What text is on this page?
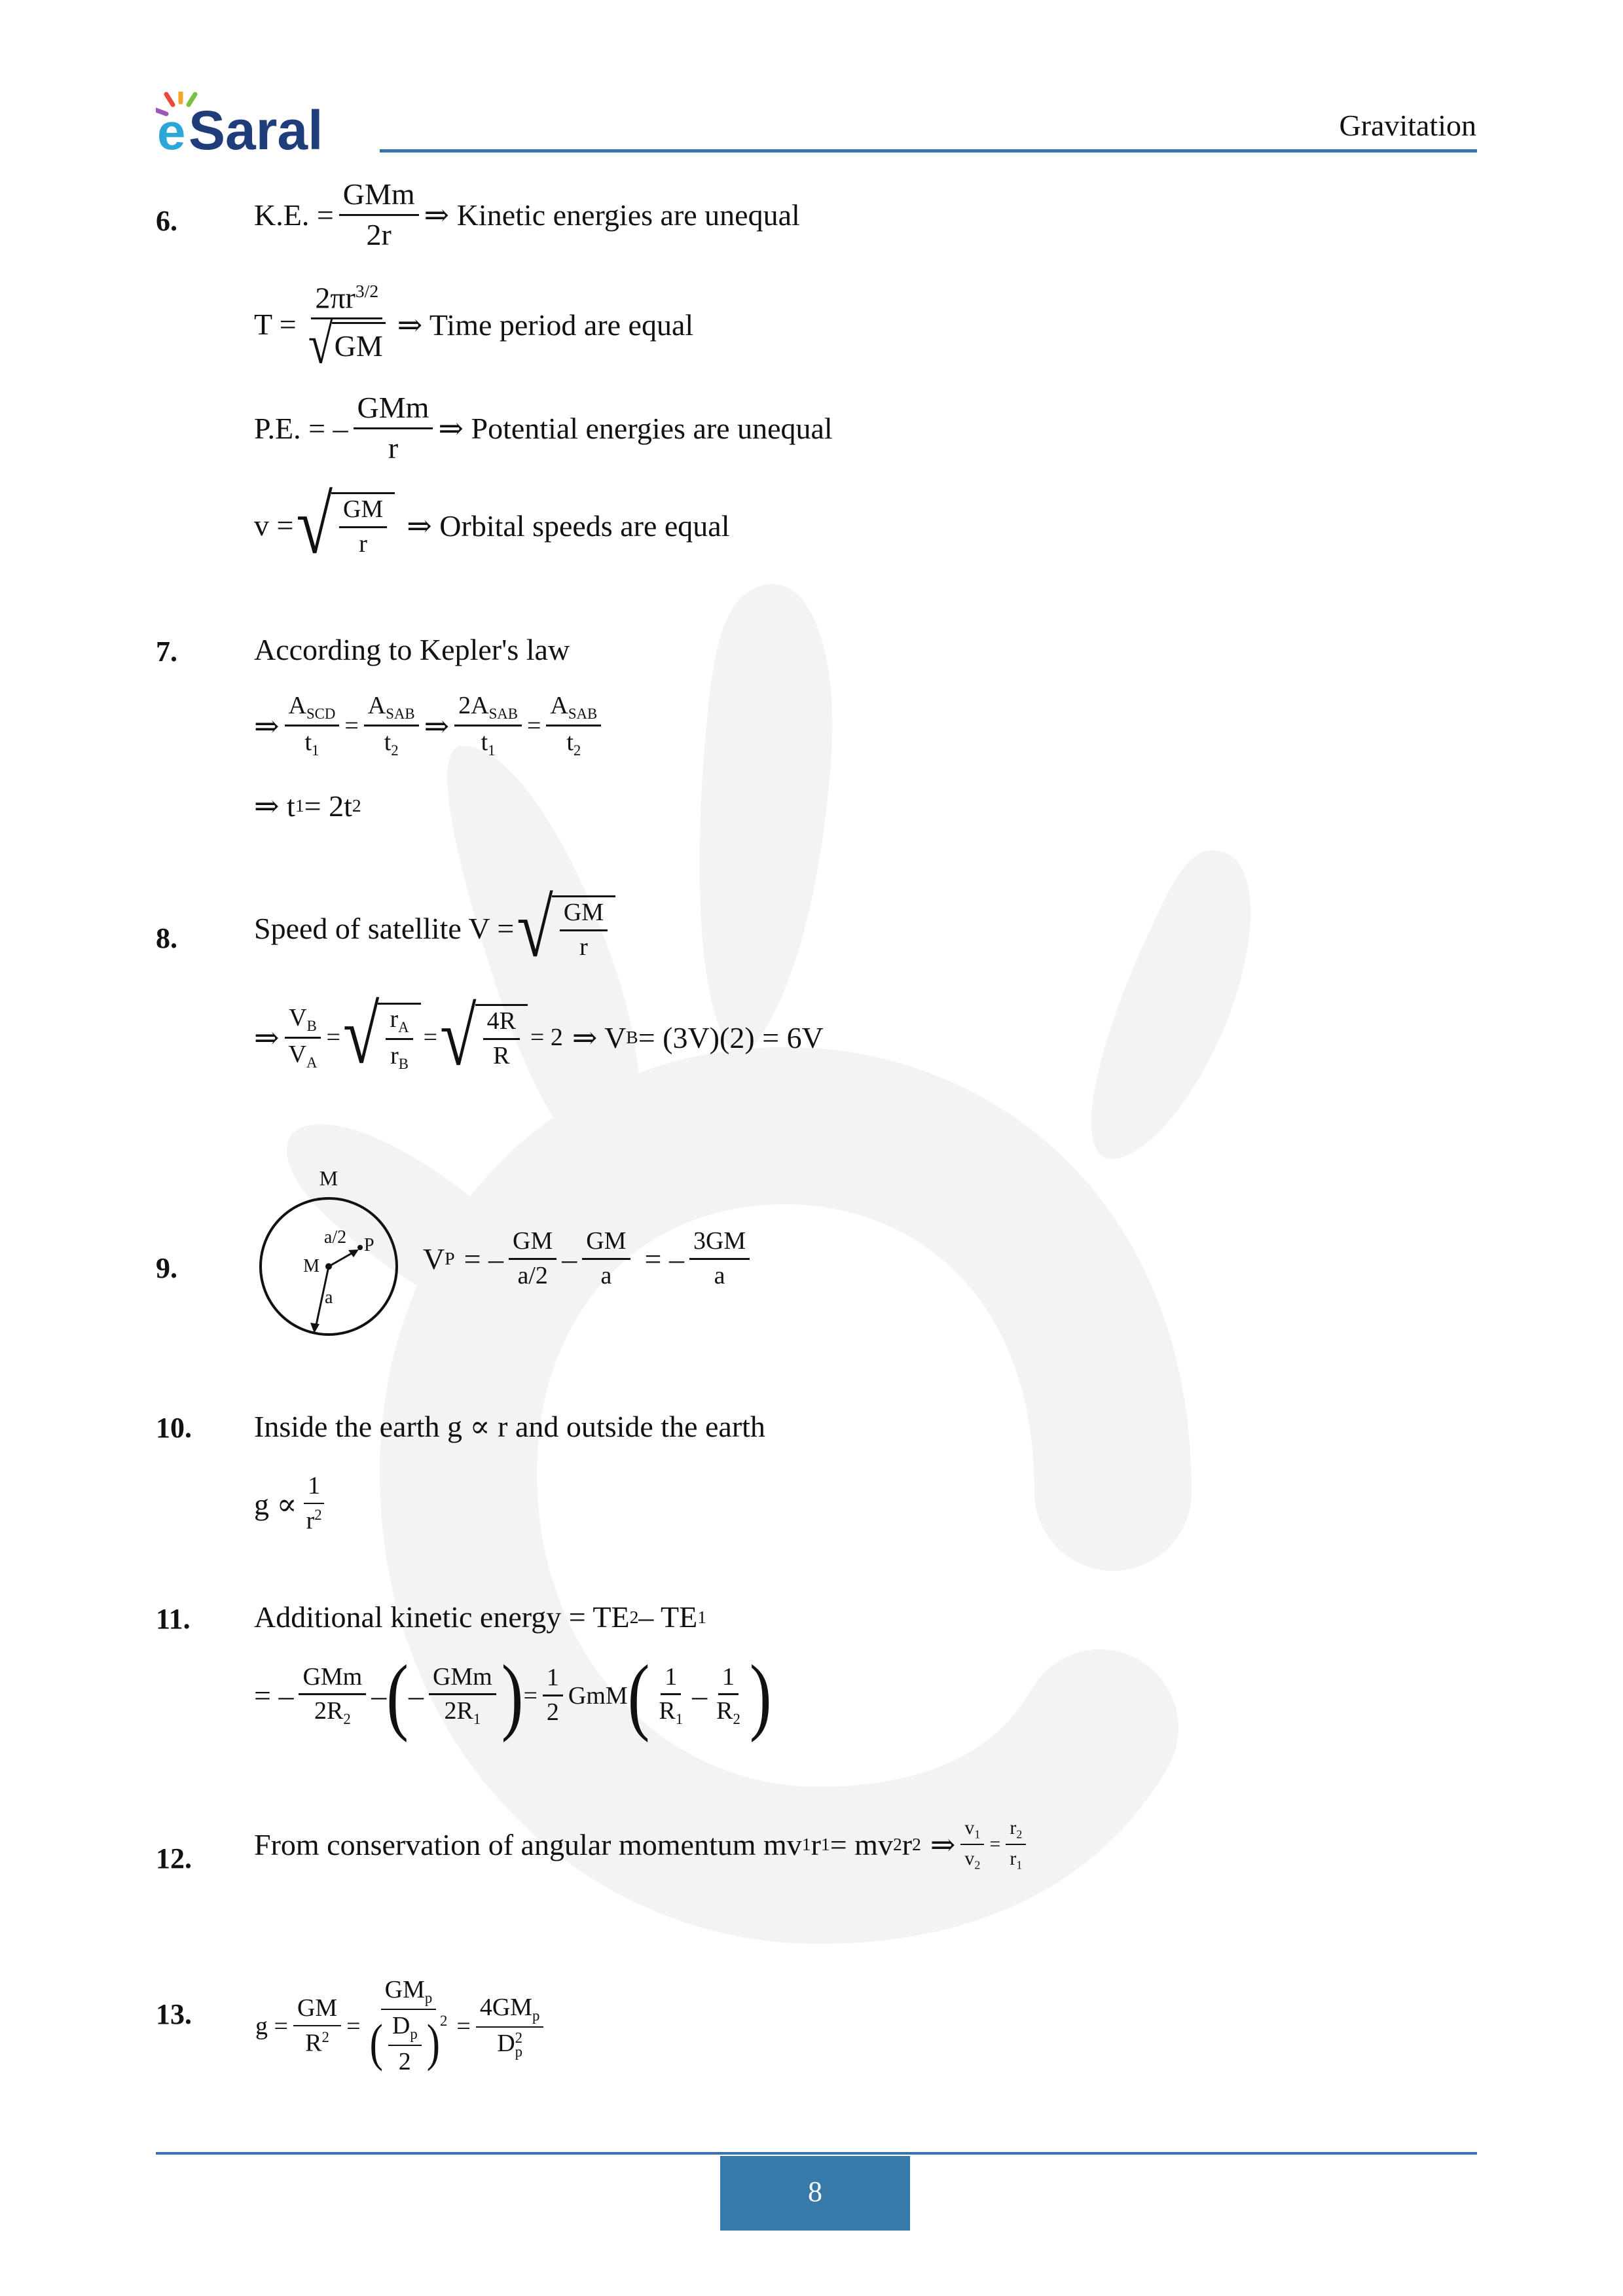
e Saral	Gravitation
6.	K.E. = $\frac{\text{GMm}}{2r}$ ⇒ Kinetic energies are unequal
$T = \frac{2\pi r^{3/2}}{√ GM}$ ⇒ Time period are equal
P.E. = – $\frac{\text{GMm}}{r}$ ⇒ Potential energies are unequal
v = √ $\frac{GM}{r}$ ⇒ Orbital speeds are equal
7.	According to Kepler's law
⇒ $\frac{A_{SCD}}{t_1} = \frac{A_{SAB}}{t_2}$ ⇒ $\frac{2A_{SAB}}{t_1} = \frac{A_{SAB}}{t_2}$
⇒ t 1 = 2t 2
8.	Speed of satellite V = √ $\frac{GM}{r}$
⇒ $\frac{V_B}{V_A}$ = √ $\frac{r_A}{r_B}$ = √ $\frac{4R}{R} = 2$ ⇒ V B = (3V)(2) = 6V
9.
M
M
a/2 P
a
V P = – $\frac{GM}{a/2} - \frac{GM}{a}$ = – $\frac{3GM}{a}$
10. Inside the earth g ∝ r and outside the earth
$g \propto \frac{1}{r^2}$
11. Additional kinetic energy = TE 2 – TE 1
= – $\frac{\text{GMm}}{2R_2}$ – ( – $\frac{\text{GMm}}{2R_1}$ ) = $\frac{1}{2}$ GmM ( $\frac{1}{R_1} - \frac{1}{R_2}$ )
12. From conservation of angular momentum mv 1 r 1 = mv 2 r 2 ⇒ $\frac{v_1}{v_2} = \frac{r_2}{r_1}$
13.	$g = \frac{GM}{R^2} = \frac{GM_p}{( \frac{D_p}{2} ) 2} = 4GM_p$
D 2
p
8
